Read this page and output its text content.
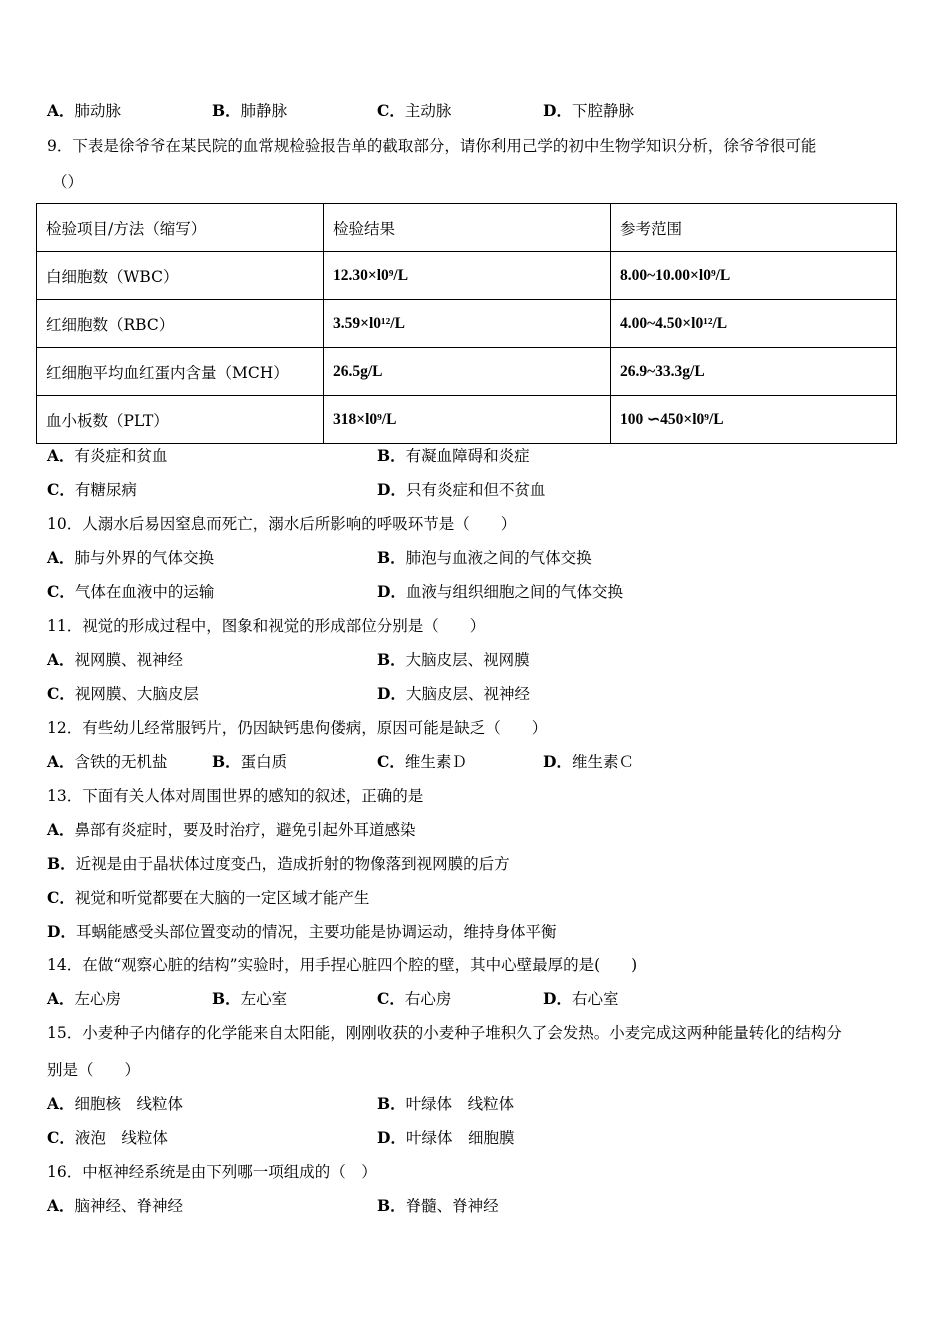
A．肺动脉	B．肺静脉	C．主动脉	D．下腔静脉
9．下表是徐爷爷在某民院的血常规检验报告单的截取部分，请你利用己学的初中生物学知识分析，徐爷爷很可能
（）
检验项目/方法（缩写）	检验结果	参考范围
白细胞数（WBC）	12.30×l0⁹/L	8.00~10.00×l0⁹/L
红细胞数（RBC）	3.59×l0¹²/L	4.00~4.50×l0¹²/L
红细胞平均血红蛋内含量（MCH）	26.5g/L	26.9~33.3g/L
血小板数（PLT）	318×l0⁹/L	100 ∽450×l0⁹/L
A．有炎症和贫血	B．有凝血障碍和炎症
C．有糖尿病	D．只有炎症和但不贫血
10．人溺水后易因窒息而死亡，溺水后所影响的呼吸环节是（　　）
A．肺与外界的气体交换	B．肺泡与血液之间的气体交换
C．气体在血液中的运输	D．血液与组织细胞之间的气体交换
11．视觉的形成过程中，图象和视觉的形成部位分别是（　　）
A．视网膜、视神经	B．大脑皮层、视网膜
C．视网膜、大脑皮层	D．大脑皮层、视神经
12．有些幼儿经常服钙片，仍因缺钙患佝偻病，原因可能是缺乏（　　）
A．含铁的无机盐	B．蛋白质	C．维生素Ｄ	D．维生素Ｃ
13．下面有关人体对周围世界的感知的叙述，正确的是
A．鼻部有炎症时，要及时治疗，避免引起外耳道感染
B．近视是由于晶状体过度变凸，造成折射的物像落到视网膜的后方
C．视觉和听觉都要在大脑的一定区域才能产生
D．耳蜗能感受头部位置变动的情况，主要功能是协调运动，维持身体平衡
14．在做“观察心脏的结构”实验时，用手捏心脏四个腔的壁，其中心壁最厚的是(　　)
A．左心房	B．左心室	C．右心房	D．右心室
15．小麦种子内储存的化学能来自太阳能，刚刚收获的小麦种子堆积久了会发热。小麦完成这两种能量转化的结构分
别是（　　）
A．细胞核　线粒体	B．叶绿体　线粒体
C．液泡　线粒体	D．叶绿体　细胞膜
16．中枢神经系统是由下列哪一项组成的（　）
A．脑神经、脊神经	B．脊髓、脊神经
